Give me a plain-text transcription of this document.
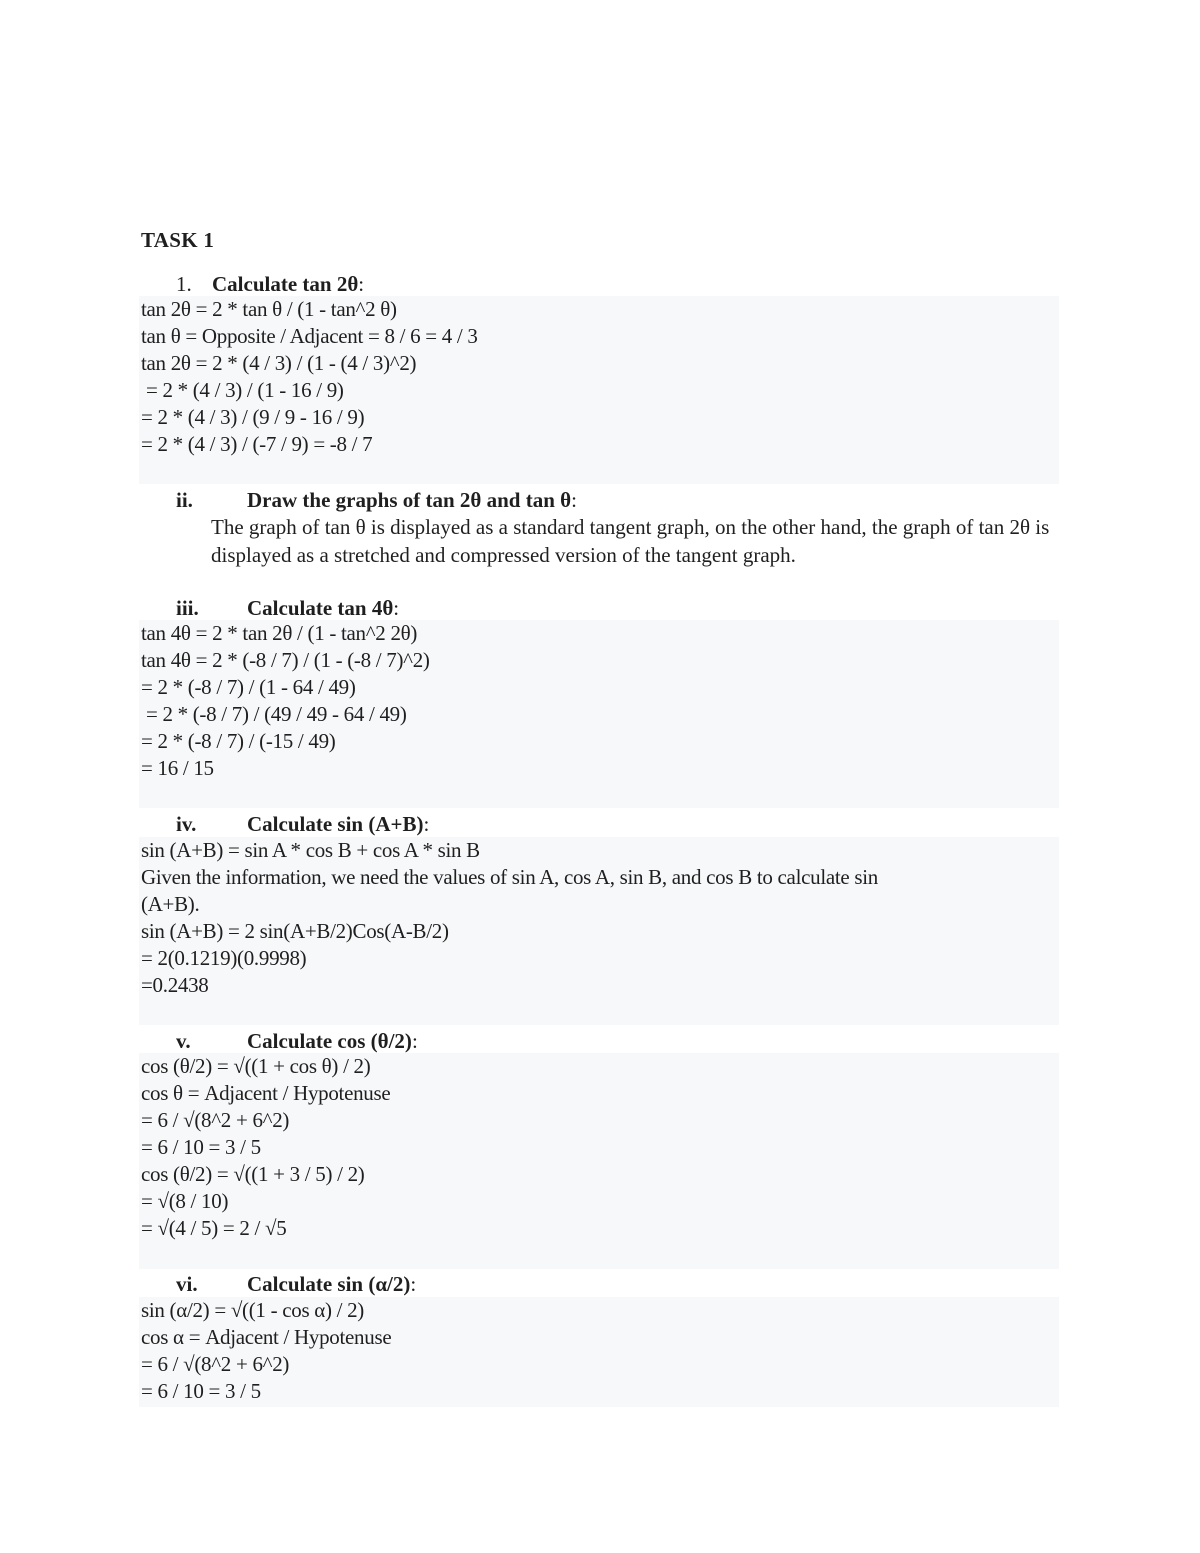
TASK 1
1. Calculate tan 2θ:
tan 2θ = 2 * tan θ / (1 - tan^2 θ)
tan θ = Opposite / Adjacent = 8 / 6 = 4 / 3
tan 2θ = 2 * (4 / 3) / (1 - (4 / 3)^2)
= 2 * (4 / 3) / (1 - 16 / 9)
= 2 * (4 / 3) / (9 / 9 - 16 / 9)
= 2 * (4 / 3) / (-7 / 9) = -8 / 7
ii.	Draw the graphs of tan 2θ and tan θ:
The graph of tan θ is displayed as a standard tangent graph, on the other hand, the graph of tan 2θ is displayed as a stretched and compressed version of the tangent graph.
iii. Calculate tan 4θ:
tan 4θ = 2 * tan 2θ / (1 - tan^2 2θ)
tan 4θ = 2 * (-8 / 7) / (1 - (-8 / 7)^2)
= 2 * (-8 / 7) / (1 - 64 / 49)
= 2 * (-8 / 7) / (49 / 49 - 64 / 49)
= 2 * (-8 / 7) / (-15 / 49)
= 16 / 15
iv. Calculate sin (A+B):
sin (A+B) = sin A * cos B + cos A * sin B
Given the information, we need the values of sin A, cos A, sin B, and cos B to calculate sin
(A+B).
sin (A+B) = 2 sin(A+B/2)Cos(A-B/2)
= 2(0.1219)(0.9998)
=0.2438
v.	Calculate cos (θ/2):
cos (θ/2) = √((1 + cos θ) / 2)
cos θ = Adjacent / Hypotenuse
= 6 / √(8^2 + 6^2)
= 6 / 10 = 3 / 5
cos (θ/2) = √((1 + 3 / 5) / 2)
= √(8 / 10)
= √(4 / 5) = 2 / √5
vi. Calculate sin (α/2):
sin (α/2) = √((1 - cos α) / 2)
cos α = Adjacent / Hypotenuse
= 6 / √(8^2 + 6^2)
= 6 / 10 = 3 / 5
